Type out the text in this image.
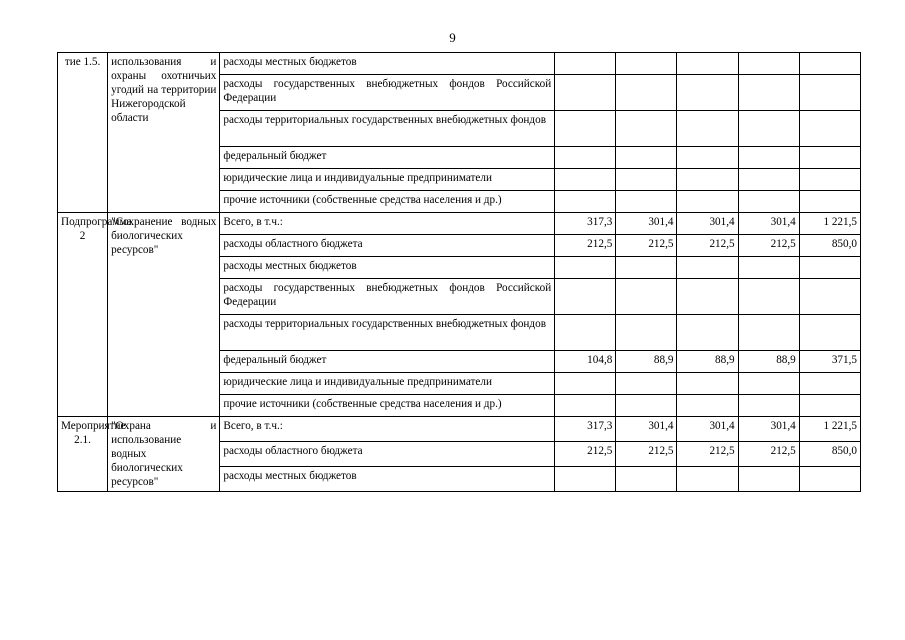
9
тие 1.5.	использования и охраны охотничьих угодий на территории Нижегородской области	расходы местных бюджетов					
		расходы государственных внебюджетных фондов Российской Федерации					
		расходы территориальных государственных внебюджетных фондов					
		федеральный бюджет					
		юридические лица и индивидуальные предприниматели					
		прочие источники (собственные средства населения и др.)					
Подпрограмма 2	"Сохранение водных биологических ресурсов"	Всего, в т.ч.:	317,3	301,4	301,4	301,4	1 221,5
		расходы областного бюджета	212,5	212,5	212,5	212,5	850,0
		расходы местных бюджетов					
		расходы государственных внебюджетных фондов Российской Федерации					
		расходы территориальных государственных внебюджетных фондов					
		федеральный бюджет	104,8	88,9	88,9	88,9	371,5
		юридические лица и индивидуальные предприниматели					
		прочие источники (собственные средства населения и др.)					
Мероприятие 2.1.	"Охрана и использование водных биологических ресурсов"	Всего, в т.ч.:	317,3	301,4	301,4	301,4	1 221,5
		расходы областного бюджета	212,5	212,5	212,5	212,5	850,0
		расходы местных бюджетов					
